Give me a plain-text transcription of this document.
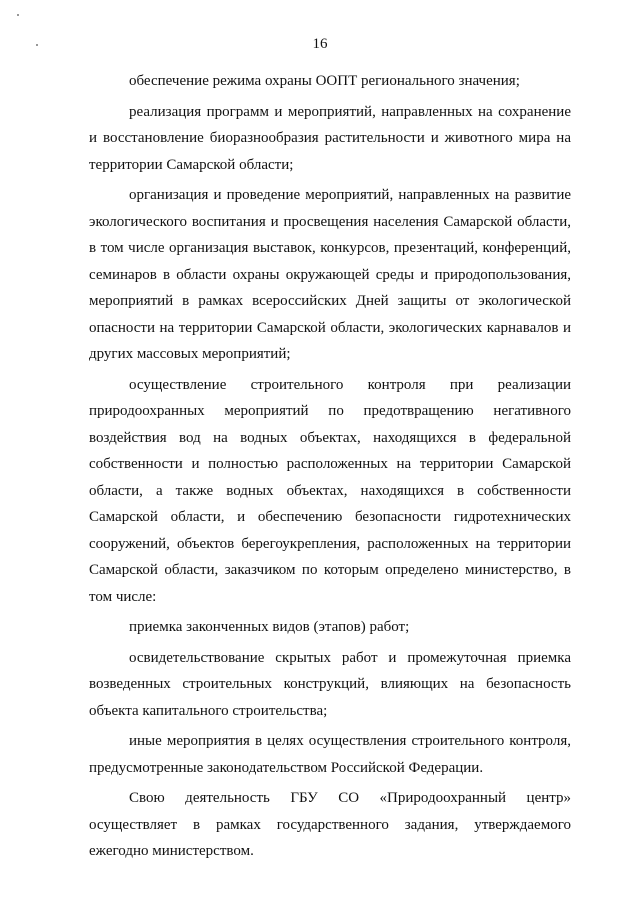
16

обеспечение режима охраны ООПТ регионального значения;

реализация программ и мероприятий, направленных на сохранение и восстановление биоразнообразия растительности и животного мира на территории Самарской области;

организация и проведение мероприятий, направленных на развитие экологического воспитания и просвещения населения Самарской области, в том числе организация выставок, конкурсов, презентаций, конференций, семинаров в области охраны окружающей среды и природопользования, мероприятий в рамках всероссийских Дней защиты от экологической опасности на территории Самарской области, экологических карнавалов и других массовых мероприятий;

осуществление строительного контроля при реализации природоохранных мероприятий по предотвращению негативного воздействия вод на водных объектах, находящихся в федеральной собственности и полностью расположенных на территории Самарской области, а также водных объектах, находящихся в собственности Самарской области, и обеспечению безопасности гидротехнических сооружений, объектов берегоукрепления, расположенных на территории Самарской области, заказчиком по которым определено министерство, в том числе:

приемка законченных видов (этапов) работ;

освидетельствование скрытых работ и промежуточная приемка возведенных строительных конструкций, влияющих на безопасность объекта капитального строительства;

иные мероприятия в целях осуществления строительного контроля, предусмотренные законодательством Российской Федерации.

Свою деятельность ГБУ СО «Природоохранный центр» осуществляет в рамках государственного задания, утверждаемого ежегодно министерством.
